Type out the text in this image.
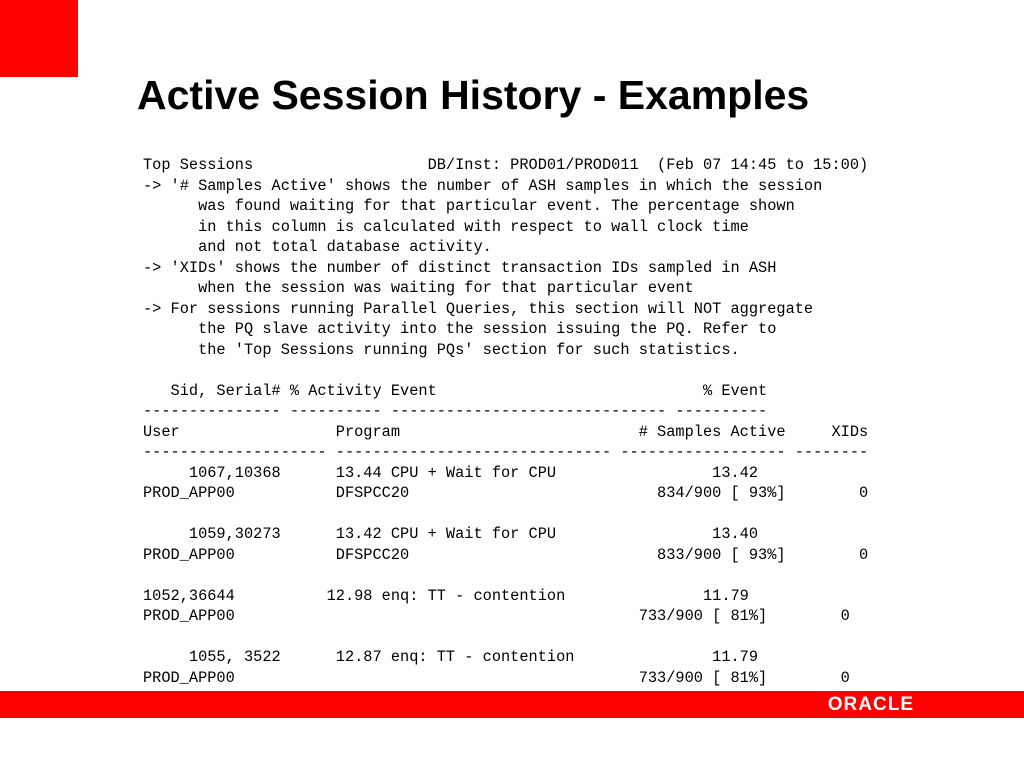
Active Session History - Examples
Top Sessions                   DB/Inst: PROD01/PROD011  (Feb 07 14:45 to 15:00)
-> '# Samples Active' shows the number of ASH samples in which the session
was found waiting for that particular event. The percentage shown
in this column is calculated with respect to wall clock time
and not total database activity.
-> 'XIDs' shows the number of distinct transaction IDs sampled in ASH
when the session was waiting for that particular event
-> For sessions running Parallel Queries, this section will NOT aggregate
the PQ slave activity into the session issuing the PQ. Refer to
the 'Top Sessions running PQs' section for such statistics.
Sid, Serial# % Activity Event                             % Event
--------------- ---------- ------------------------------ ----------
User                 Program                          # Samples Active     XIDs
-------------------- ------------------------------ ------------------ --------
1067,10368      13.44 CPU + Wait for CPU                 13.42
PROD_APP00           DFSPCC20                           834/900 [ 93%]        0
1059,30273      13.42 CPU + Wait for CPU                 13.40
PROD_APP00           DFSPCC20                           833/900 [ 93%]        0
1052,36644          12.98 enq: TT - contention               11.79
PROD_APP00                                            733/900 [ 81%]        0
1055, 3522      12.87 enq: TT - contention               11.79
PROD_APP00                                            733/900 [ 81%]        0
ORACLE
